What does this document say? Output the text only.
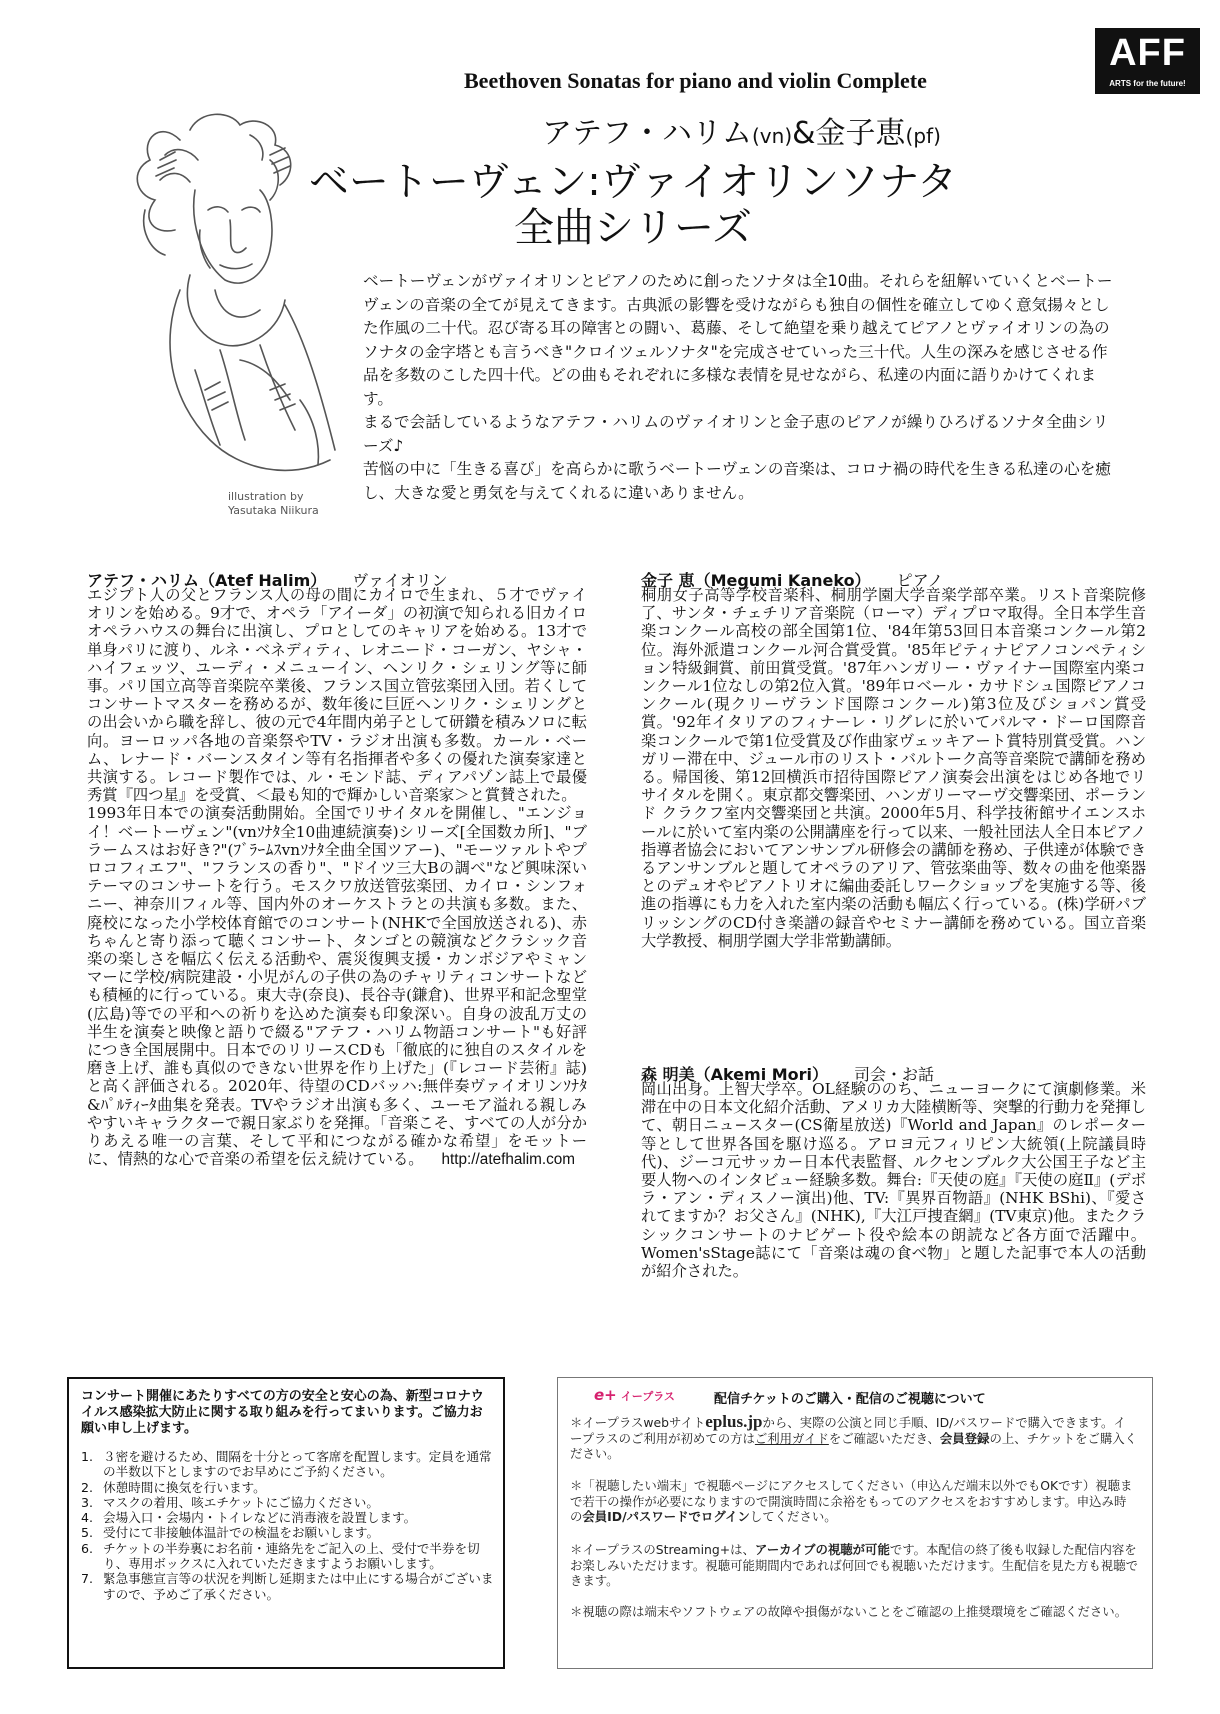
AFF
ARTS for the future!
Beethoven Sonatas for piano and violin Complete
アテフ・ハリム(vn)&金子恵(pf)
ベートーヴェン:ヴァイオリンソナタ
全曲シリーズ
illustration by
Yasutaka Niikura

ベートーヴェンがヴァイオリンとピアノのために創ったソナタは全10曲。それらを紐解いていくとベートーヴェンの音楽の全てが見えてきます。古典派の影響を受けながらも独自の個性を確立してゆく意気揚々とした作風の二十代。忍び寄る耳の障害との闘い、葛藤、そして絶望を乗り越えてピアノとヴァイオリンの為のソナタの金字塔とも言うべき"クロイツェルソナタ"を完成させていった三十代。人生の深みを感じさせる作品を多数のこした四十代。どの曲もそれぞれに多様な表情を見せながら、私達の内面に語りかけてくれます。

まるで会話しているようなアテフ・ハリムのヴァイオリンと金子恵のピアノが繰りひろげるソナタ全曲シリーズ♪

苦悩の中に「生きる喜び」を高らかに歌うベートーヴェンの音楽は、コロナ禍の時代を生きる私達の心を癒し、大きな愛と勇気を与えてくれるに違いありません。

アテフ・ハリム（Atef Halim） ヴァイオリン
エジプト人の父とフランス人の母の間にカイロで生まれ、５才でヴァイオリンを始める。9才で、オペラ「アイーダ」の初演で知られる旧カイロオペラハウスの舞台に出演し、プロとしてのキャリアを始める。13才で単身パリに渡り、ルネ・ベネディティ、レオニード・コーガン、ヤシャ・ハイフェッツ、ユーディ・メニューイン、ヘンリク・シェリング等に師事。パリ国立高等音楽院卒業後、フランス国立管弦楽団入団。若くしてコンサートマスターを務めるが、数年後に巨匠ヘンリク・シェリングとの出会いから職を辞し、彼の元で4年間内弟子として研鑽を積みソロに転向。ヨーロッパ各地の音楽祭やTV・ラジオ出演も多数。カール・ベーム、レナード・バーンスタイン等有名指揮者や多くの優れた演奏家達と共演する。レコード製作では、ル・モンド誌、ディアパゾン誌上で最優秀賞『四つ星』を受賞、＜最も知的で輝かしい音楽家＞と賞賛された。
1993年日本での演奏活動開始。全国でリサイタルを開催し、"エンジョイ！ベートーヴェン"(vnｿﾅﾀ全10曲連続演奏)シリーズ[全国数カ所]、"ブラームスはお好き?"(ﾌﾞﾗｰﾑｽvnｿﾅﾀ全曲全国ツアー)、"モーツァルトやプロコフィエフ"、"フランスの香り"、"ドイツ三大Bの調べ"など興味深いテーマのコンサートを行う。モスクワ放送管弦楽団、カイロ・シンフォニー、神奈川フィル等、国内外のオーケストラとの共演も多数。また、廃校になった小学校体育館でのコンサート(NHKで全国放送される)、赤ちゃんと寄り添って聴くコンサート、タンゴとの競演などクラシック音楽の楽しさを幅広く伝える活動や、震災復興支援・カンボジアやミャンマーに学校/病院建設・小児がんの子供の為のチャリティコンサートなども積極的に行っている。東大寺(奈良)、長谷寺(鎌倉)、世界平和記念聖堂(広島)等での平和への祈りを込めた演奏も印象深い。自身の波乱万丈の半生を演奏と映像と語りで綴る"アテフ・ハリム物語コンサート"も好評につき全国展開中。日本でのリリースCDも「徹底的に独自のスタイルを磨き上げ、誰も真似のできない世界を作り上げた」(『レコード芸術』誌)と高く評価される。2020年、待望のCDバッハ:無伴奏ヴァイオリンｿﾅﾀ&ﾊﾟﾙﾃｨｰﾀ曲集を発表。TVやラジオ出演も多く、ユーモア溢れる親しみやすいキャラクターで親日家ぶりを発揮。「音楽こそ、すべての人が分かりあえる唯一の言葉、そして平和につながる確かな希望」をモットーに、情熱的な心で音楽の希望を伝え続けている。 http://atefhalim.com
金子 恵（Megumi Kaneko） ピアノ
桐朋女子高等学校音楽科、桐朋学園大学音楽学部卒業。リスト音楽院修了、サンタ・チェチリア音楽院（ローマ）ディプロマ取得。全日本学生音楽コンクール高校の部全国第1位、'84年第53回日本音楽コンクール第2位。海外派遣コンクール河合賞受賞。'85年ピティナピアノコンペティション特級銅賞、前田賞受賞。'87年ハンガリー・ヴァイナー国際室内楽コンクール1位なしの第2位入賞。'89年ロベール・カサドシュ国際ピアノコンクール(現クリーヴランド国際コンクール)第3位及びショパン賞受賞。'92年イタリアのフィナーレ・リグレに於いてパルマ・ドーロ国際音楽コンクールで第1位受賞及び作曲家ヴェッキアート賞特別賞受賞。ハンガリー滞在中、ジュール市のリスト・バルトーク高等音楽院で講師を務める。帰国後、第12回横浜市招待国際ピアノ演奏会出演をはじめ各地でリサイタルを開く。東京都交響楽団、ハンガリーマーヴ交響楽団、ポーランド クラクフ室内交響楽団と共演。2000年5月、科学技術館サイエンスホールに於いて室内楽の公開講座を行って以来、一般社団法人全日本ピアノ指導者協会においてアンサンブル研修会の講師を務め、子供達が体験できるアンサンブルと題してオペラのアリア、管弦楽曲等、数々の曲を他楽器とのデュオやピアノトリオに編曲委託しワークショップを実施する等、後進の指導にも力を入れた室内楽の活動も幅広く行っている。(株)学研パブリッシングのCD付き楽譜の録音やセミナー講師を務めている。国立音楽大学教授、桐朋学園大学非常勤講師。
森 明美（Akemi Mori） 司会・お話
岡山出身。上智大学卒。OL経験ののち、ニューヨークにて演劇修業。米滞在中の日本文化紹介活動、アメリカ大陸横断等、突撃的行動力を発揮して、朝日ニュ−スター(CS衛星放送)『World and Japan』のレポーター等として世界各国を駆け巡る。アロヨ元フィリピン大統領(上院議員時代)、ジーコ元サッカー日本代表監督、ルクセンブルク大公国王子など主要人物へのインタビュー経験多数。舞台:『天使の庭』『天使の庭Ⅱ』(デボラ・アン・ディスノー演出)他、TV:『異界百物語』(NHK BShi)、『愛されてますか？お父さん』(NHK),『大江戸捜査網』(TV東京)他。またクラシックコンサートのナビゲート役や絵本の朗読など各方面で活躍中。Women'sStage誌にて「音楽は魂の食べ物」と題した記事で本人の活動が紹介された。
コンサート開催にあたりすべての方の安全と安心の為、新型コロナウイルス感染拡大防止に関する取り組みを行ってまいります。ご協力お願い申し上げます。
1. ３密を避けるため、間隔を十分とって客席を配置します。定員を通常の半数以下としますのでお早めにご予約ください。
2. 休憩時間に換気を行います。
3. マスクの着用、咳エチケットにご協力ください。
4. 会場入口・会場内・トイレなどに消毒液を設置します。
5. 受付にて非接触体温計での検温をお願いします。
6. チケットの半券裏にお名前・連絡先をご記入の上、受付で半券を切り、専用ボックスに入れていただきますようお願いします。
7. 緊急事態宣言等の状況を判断し延期または中止にする場合がございますので、予めご了承ください。
e+ イープラス	配信チケットのご購入・配信のご視聴について
＊イープラスwebサイトeplus.jpから、実際の公演と同じ手順、ID/パスワードで購入できます。イープラスのご利用が初めての方はご利用ガイドをご確認いただき、会員登録の上、チケットをご購入ください。
＊「視聴したい端末」で視聴ページにアクセスしてください（申込んだ端末以外でもOKです）視聴まで若干の操作が必要になりますので開演時間に余裕をもってのアクセスをおすすめします。申込み時の会員ID/パスワードでログインしてください。
＊イープラスのStreaming+は、アーカイブの視聴が可能です。本配信の終了後も収録した配信内容をお楽しみいただけます。視聴可能期間内であれば何回でも視聴いただけます。生配信を見た方も視聴できます。
＊視聴の際は端末やソフトウェアの故障や損傷がないことをご確認の上推奨環境をご確認ください。
